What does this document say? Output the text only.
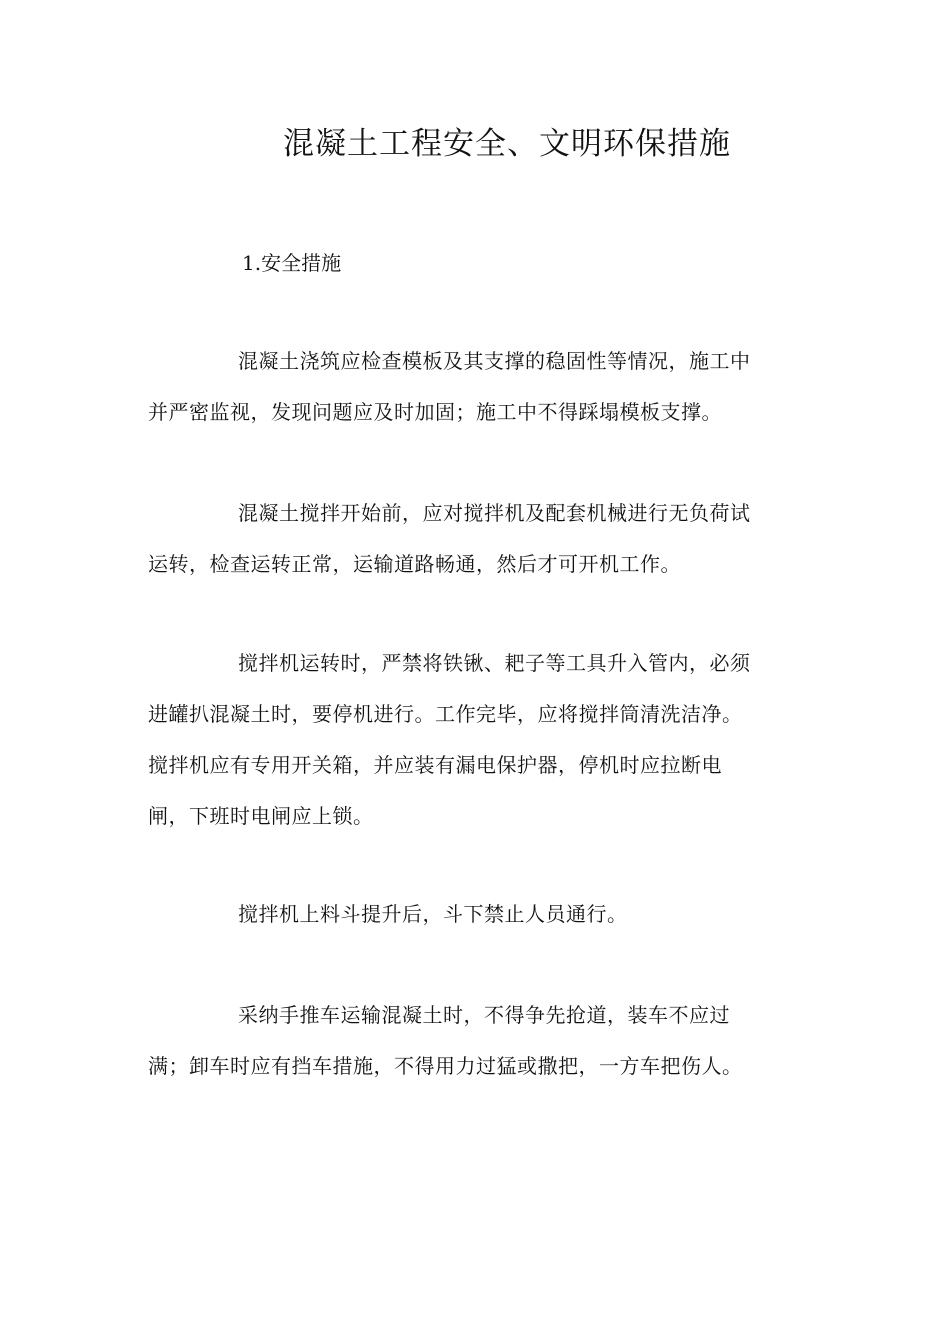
混凝土工程安全、文明环保措施
1.安全措施

混凝土浇筑应检查模板及其支撑的稳固性等情况，施工中
并严密监视，发现问题应及时加固；施工中不得踩塌模板支撑。

混凝土搅拌开始前，应对搅拌机及配套机械进行无负荷试
运转，检查运转正常，运输道路畅通，然后才可开机工作。

搅拌机运转时，严禁将铁锹、耙子等工具升入管内，必须
进罐扒混凝土时，要停机进行。工作完毕，应将搅拌筒清洗洁净。
搅拌机应有专用开关箱，并应装有漏电保护器，停机时应拉断电
闸，下班时电闸应上锁。

搅拌机上料斗提升后，斗下禁止人员通行。

采纳手推车运输混凝土时，不得争先抢道，装车不应过
满；卸车时应有挡车措施，不得用力过猛或撒把，一方车把伤人。
